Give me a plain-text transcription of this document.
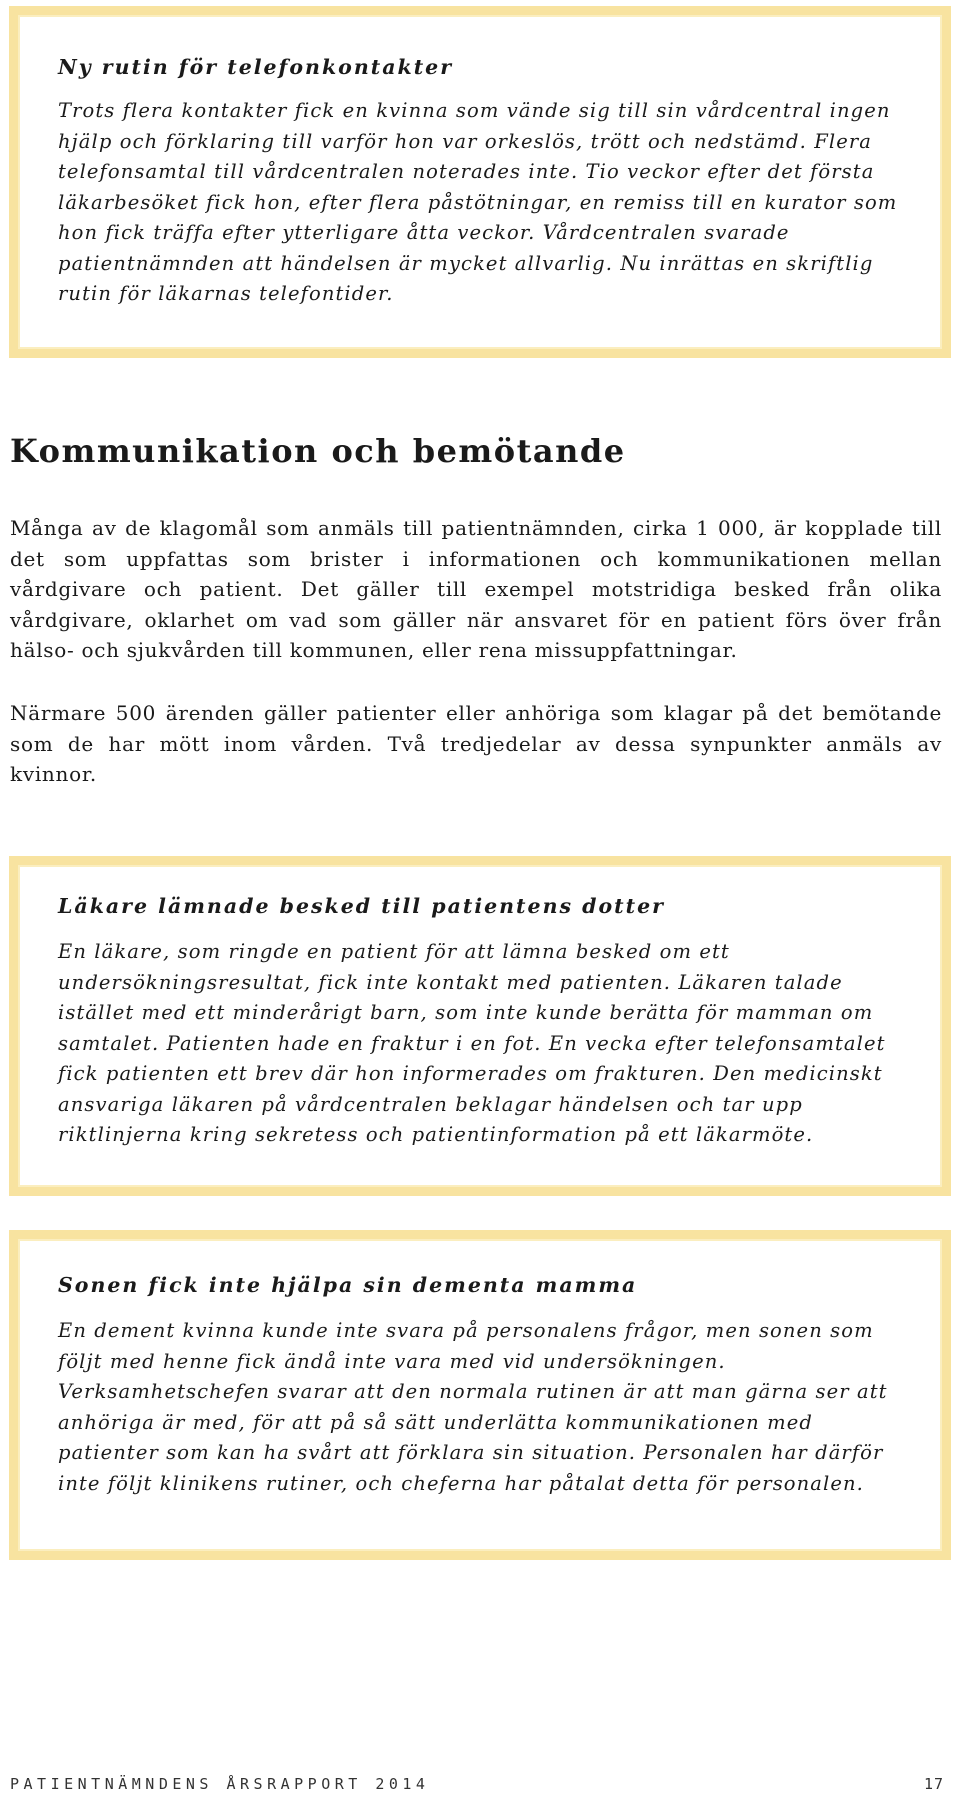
Ny rutin för telefonkontakter

Trots flera kontakter fick en kvinna som vände sig till sin vårdcentral ingen hjälp och förklaring till varför hon var orkeslös, trött och nedstämd. Flera telefonsamtal till vårdcentralen noterades inte. Tio veckor efter det första läkarbesöket fick hon, efter flera påstötningar, en remiss till en kurator som hon fick träffa efter ytterligare åtta veckor. Vårdcentralen svarade patientnämnden att händelsen är mycket allvarlig. Nu inrättas en skriftlig rutin för läkarnas telefontider.

Kommunikation och bemötande

Många av de klagomål som anmäls till patientnämnden, cirka 1 000, är kopplade till det som uppfattas som brister i informationen och kommunikationen mellan vårdgivare och patient. Det gäller till exempel motstridiga besked från olika vårdgivare, oklarhet om vad som gäller när ansvaret för en patient förs över från hälso- och sjukvården till kommunen, eller rena missuppfattningar.

Närmare 500 ärenden gäller patienter eller anhöriga som klagar på det bemötande som de har mött inom vården. Två tredjedelar av dessa synpunkter anmäls av kvinnor.

Läkare lämnade besked till patientens dotter

En läkare, som ringde en patient för att lämna besked om ett undersökningsresultat, fick inte kontakt med patienten. Läkaren talade istället med ett minderårigt barn, som inte kunde berätta för mamman om samtalet. Patienten hade en fraktur i en fot. En vecka efter telefonsamtalet fick patienten ett brev där hon informerades om frakturen. Den medicinskt ansvariga läkaren på vårdcentralen beklagar händelsen och tar upp riktlinjerna kring sekretess och patientinformation på ett läkarmöte.

Sonen fick inte hjälpa sin dementa mamma

En dement kvinna kunde inte svara på personalens frågor, men sonen som följt med henne fick ändå inte vara med vid undersökningen. Verksamhetschefen svarar att den normala rutinen är att man gärna ser att anhöriga är med, för att på så sätt underlätta kommunikationen med patienter som kan ha svårt att förklara sin situation. Personalen har därför inte följt klinikens rutiner, och cheferna har påtalat detta för personalen.

PATIENTNÄMNDENS ÅRSRAPPORT 2014	17
